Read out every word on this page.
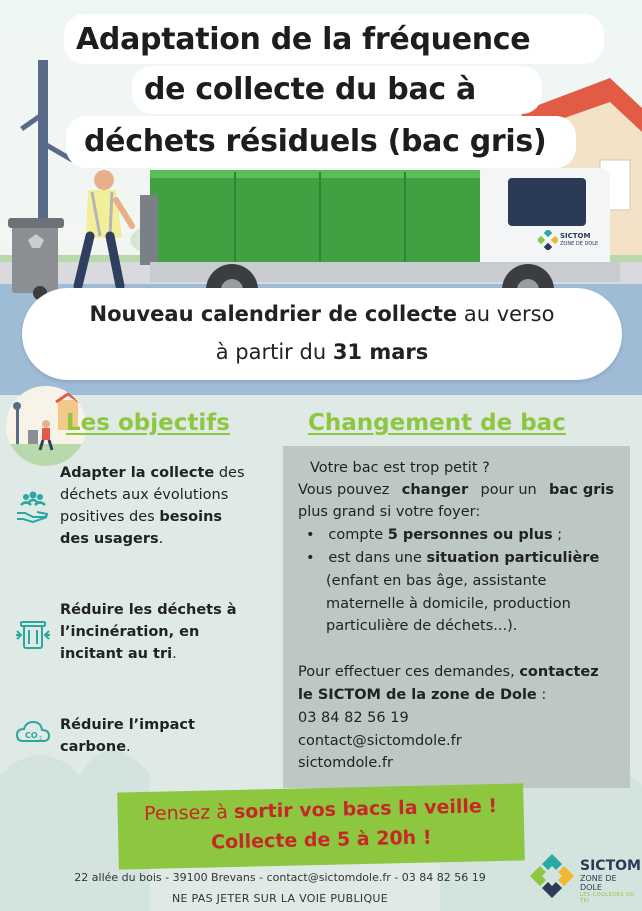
SICTOM
ZONE DE DOLE
Adaptation de la fréquence
de collecte du bac à
déchets résiduels (bac gris)
Nouveau calendrier de collecte au verso
à partir du 31 mars
Les objectifs	Changement de bac
Adapter la collecte des
déchets aux évolutions
positives des besoins
des usagers.
Réduire les déchets à
l’incinération, en
incitant au tri.
CO 2
Réduire l’impact
carbone.
Votre bac est trop petit ?
Vous pouvez changer pour un bac gris
plus grand si votre foyer:
•   compte 5 personnes ou plus ;
•   est dans une situation particulière
(enfant en bas âge, assistante
maternelle à domicile, production
particulière de déchets...).
Pour effectuer ces demandes, contactez
le SICTOM de la zone de Dole :
03 84 82 56 19
contact@sictomdole.fr
sictomdole.fr
Pensez à sortir vos bacs la veille !
Collecte de 5 à 20h !
22 allée du bois - 39100 Brevans - contact@sictomdole.fr - 03 84 82 56 19
NE PAS JETER SUR LA VOIE PUBLIQUE
SICTOM
ZONE DE DOLE
LES COULEURS DU TRI
